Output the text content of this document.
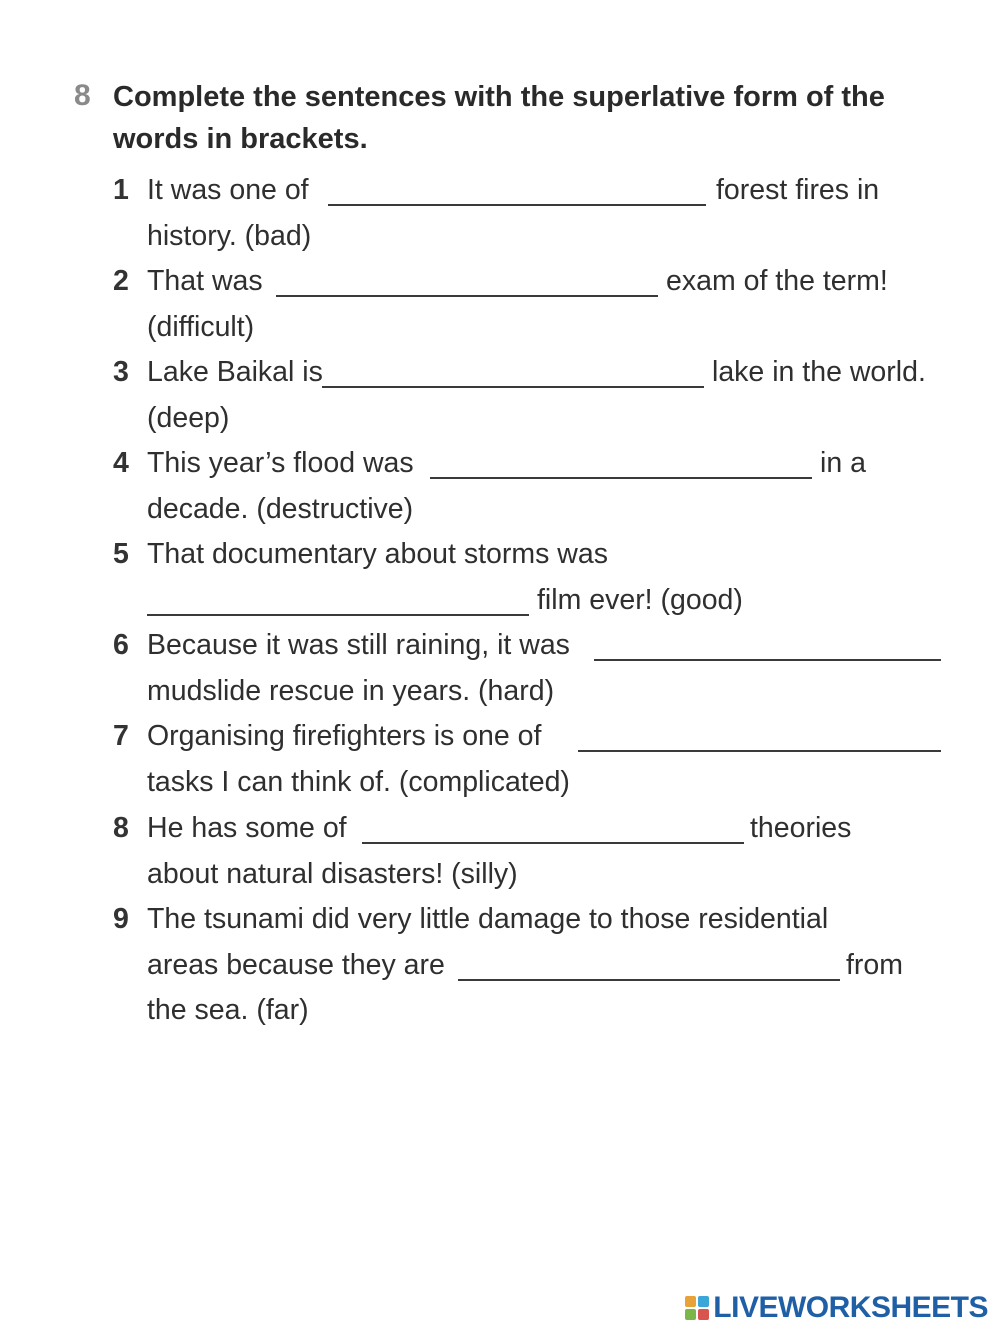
8 Complete the sentences with the superlative form of the words in brackets.
1 It was one of	forest fires in
history. (bad)
2 That was	exam of the term!
(difficult)
3 Lake Baikal is	lake in the world.
(deep)
4 This year’s flood was	in a
decade. (destructive)
5 That documentary about storms was
film ever! (good)
6 Because it was still raining, it was
mudslide rescue in years. (hard)
7 Organising firefighters is one of
tasks I can think of. (complicated)
8 He has some of	theories
about natural disasters! (silly)
9 The tsunami did very little damage to those residential
areas because they are	from
the sea. (far)
LIVEWORKSHEETS
